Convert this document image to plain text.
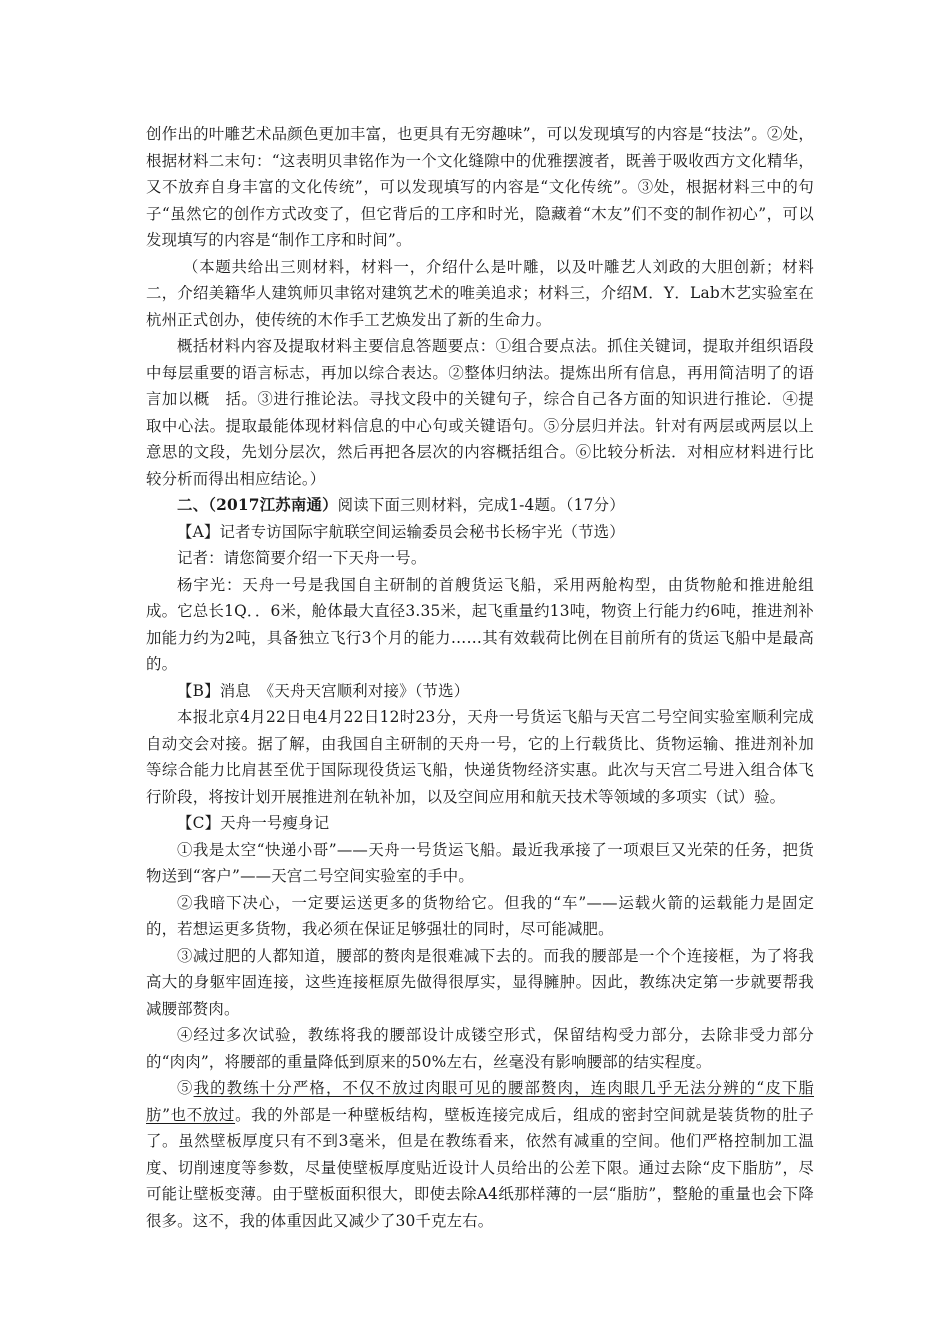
创作出的叶雕艺术品颜色更加丰富，也更具有无穷趣味”，可以发现填写的内容是“技法”。②处，根据材料二末句：“这表明贝聿铭作为一个文化缝隙中的优雅摆渡者，既善于吸收西方文化精华，又不放弃自身丰富的文化传统”，可以发现填写的内容是“文化传统”。③处，根据材料三中的句子“虽然它的创作方式改变了，但它背后的工序和时光，隐藏着“木友”们不变的制作初心”，可以发现填写的内容是“制作工序和时间”。

（本题共给出三则材料，材料一，介绍什么是叶雕，以及叶雕艺人刘政的大胆创新；材料二，介绍美籍华人建筑师贝聿铭对建筑艺术的唯美追求；材料三，介绍M．Y．Lab木艺实验室在杭州正式创办，使传统的木作手工艺焕发出了新的生命力。

概括材料内容及提取材料主要信息答题要点：①组合要点法。抓住关键词，提取并组织语段中每层重要的语言标志，再加以综合表达。②整体归纳法。提炼出所有信息，再用简洁明了的语言加以概　括。③进行推论法。寻找文段中的关键句子，综合自己各方面的知识进行推论．④提取中心法。提取最能体现材料信息的中心句或关键语句。⑤分层归并法。针对有两层或两层以上意思的文段，先划分层次，然后再把各层次的内容概括组合。⑥比较分析法．对相应材料进行比较分析而得出相应结论。）

二、（2017江苏南通）阅读下面三则材料，完成1-4题。（17分）

【A】记者专访国际宇航联空间运输委员会秘书长杨宇光（节选）

记者：请您简要介绍一下天舟一号。

杨宇光：天舟一号是我国自主研制的首艘货运飞船，采用两舱构型，由货物舱和推进舱组成。它总长1Q．．6米，舱体最大直径3.35米，起飞重量约13吨，物资上行能力约6吨，推进剂补加能力约为2吨，具备独立飞行3个月的能力……其有效载荷比例在目前所有的货运飞船中是最高的。

【B】消息　《天舟天宫顺利对接》（节选）

本报北京4月22日电4月22日12时23分，天舟一号货运飞船与天宫二号空间实验室顺利完成自动交会对接。据了解，由我国自主研制的天舟一号，它的上行载货比、货物运输、推进剂补加等综合能力比肩甚至优于国际现役货运飞船，快递货物经济实惠。此次与天宫二号进入组合体飞行阶段，将按计划开展推进剂在轨补加，以及空间应用和航天技术等领域的多项实（试）验。

【C】天舟一号瘦身记

①我是太空“快递小哥”——天舟一号货运飞船。最近我承接了一项艰巨又光荣的任务，把货物送到“客户”——天宫二号空间实验室的手中。

②我暗下决心，一定要运送更多的货物给它。但我的“车”——运载火箭的运载能力是固定的，若想运更多货物，我必须在保证足够强壮的同时，尽可能减肥。

③减过肥的人都知道，腰部的赘肉是很难减下去的。而我的腰部是一个个连接框，为了将我高大的身躯牢固连接，这些连接框原先做得很厚实，显得臃肿。因此，教练决定第一步就要帮我减腰部赘肉。

④经过多次试验，教练将我的腰部设计成镂空形式，保留结构受力部分，去除非受力部分的“肉肉”，将腰部的重量降低到原来的50%左右，丝毫没有影响腰部的结实程度。

⑤我的教练十分严格，不仅不放过肉眼可见的腰部赘肉，连肉眼几乎无法分辨的“皮下脂肪”也不放过。我的外部是一种壁板结构，壁板连接完成后，组成的密封空间就是装货物的肚子了。虽然壁板厚度只有不到3毫米，但是在教练看来，依然有减重的空间。他们严格控制加工温度、切削速度等参数，尽量使壁板厚度贴近设计人员给出的公差下限。通过去除“皮下脂肪”，尽可能让壁板变薄。由于壁板面积很大，即使去除A4纸那样薄的一层“脂肪”，整舱的重量也会下降很多。这不，我的体重因此又减少了30千克左右。
